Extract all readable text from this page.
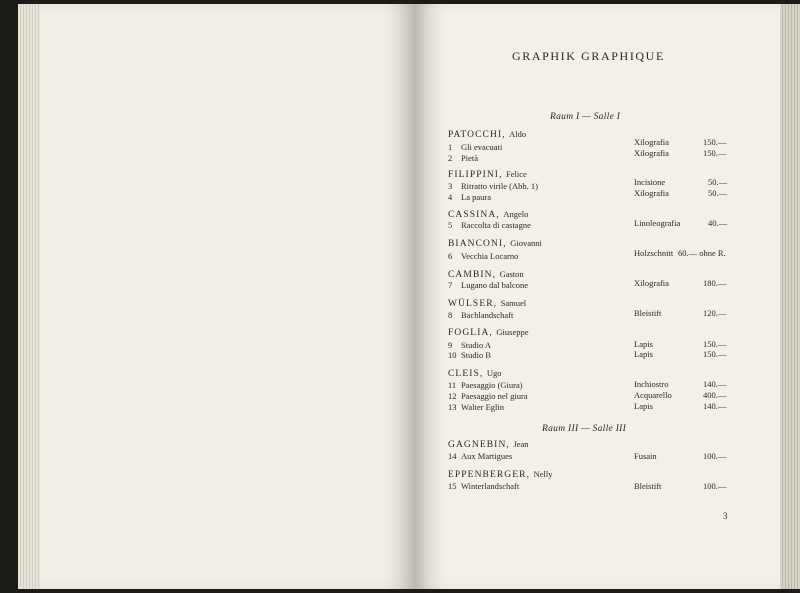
GRAPHIK GRAPHIQUE
Raum I — Salle I
Raum III — Salle III
PATOCCHI, Aldo
1 Gli evacuati	Xilografia	150.—
2 Pietà	Xilografia	150.—
FILIPPINI, Felice
3 Ritratto virile (Abb. 1)	Incisione	50.—
4 La paura	Xilografia	50.—
CASSINA, Angelo
5 Raccolta di castagne	Linoleografia	40.—
BIANCONI, Giovanni
6 Vecchia Locarno	Holzschnitt 60.— ohne R.
CAMBIN, Gaston
7 Lugano dal balcone	Xilografia	180.—
WÜLSER, Samuel
8 Bachlandschaft	Bleistift	120.—
FOGLIA, Giuseppe
9 Studio A	Lapis	150.—
10 Studio B	Lapis	150.—
CLEIS, Ugo
11 Paesaggio (Giura)	Inchiostro	140.—
12 Paesaggio nel giura	Acquarello	400.—
13 Walter Eglin	Lapis	140.—
GAGNEBIN, Jean
14 Aux Martigues	Fusain	100.—
EPPENBERGER, Nelly
15 Winterlandschaft	Bleistift	100.—
3
